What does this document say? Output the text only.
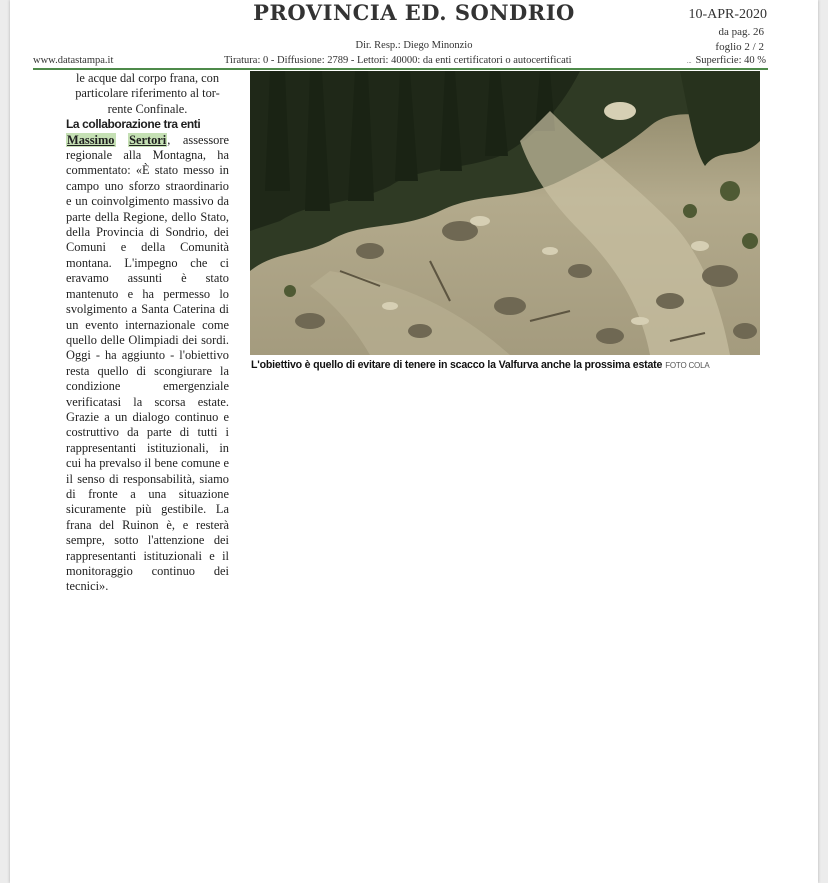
PROVINCIA ED. SONDRIO	10-APR-2020
da pag. 26
Dir. Resp.: Diego Minonzio	foglio 2 / 2
www.datastampa.it	Tiratura: 0 - Diffusione: 2789 - Lettori: 40000: da enti certificatori o autocertificati	... Superficie: 40 %

le acque dal corpo frana, con

particolare riferimento al tor-

rente Confinale.

La collaborazione tra enti

Massimo Sertori, assessore regionale alla Montagna, ha commentato: «È stato messo in campo uno sforzo straordinario e un coinvolgimento massivo da parte della Regione, dello Stato, della Provincia di Sondrio, dei Comuni e della Comunità montana. L'impegno che ci eravamo assunti è stato mantenuto e ha permesso lo svolgimento a Santa Caterina di un evento internazionale come quello delle Olimpiadi dei sordi. Oggi - ha aggiunto - l'obiettivo resta quello di scongiurare la condizione emergenziale verificatasi la scorsa estate. Grazie a un dialogo continuo e costruttivo da parte di tutti i rappresentanti istituzionali, in cui ha prevalso il bene comune e il senso di responsabilità, siamo di fronte a una situazione sicuramente più gestibile. La frana del Ruinon è, e resterà sempre, sotto l'attenzione dei rappresentanti istituzionali e il monitoraggio continuo dei tecnici».

L'obiettivo è quello di evitare di tenere in scacco la Valfurva anche la prossima estate FOTO COLA
